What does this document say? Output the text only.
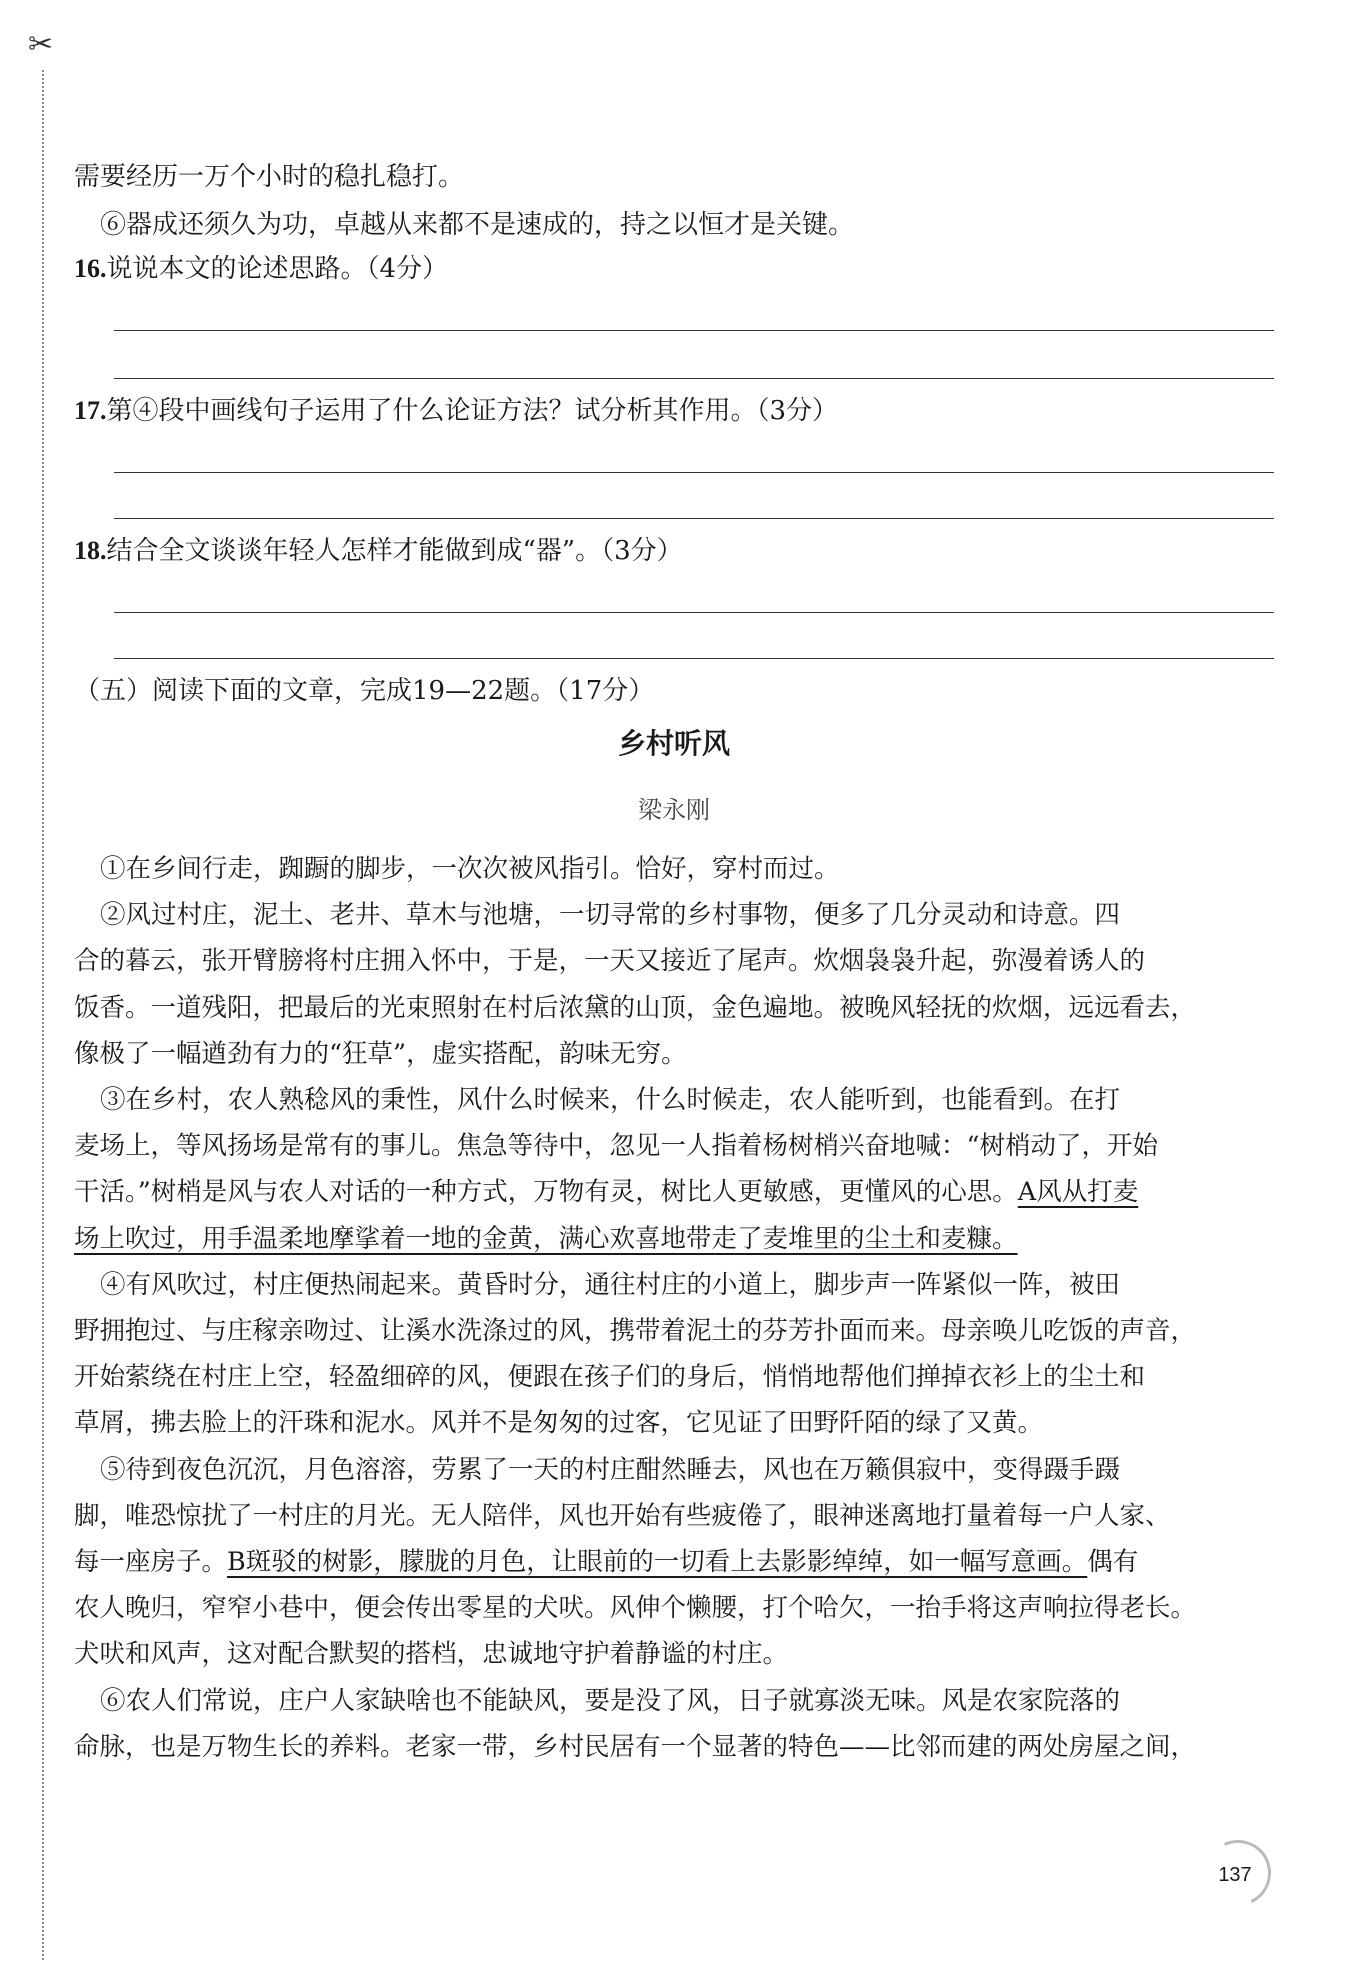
✂
需要经历一万个小时的稳扎稳打。
⑥器成还须久为功，卓越从来都不是速成的，持之以恒才是关键。
16.说说本文的论述思路。（4分）
17.第④段中画线句子运用了什么论证方法？试分析其作用。（3分）
18.结合全文谈谈年轻人怎样才能做到成“器”。（3分）
（五）阅读下面的文章，完成19—22题。（17分）
乡村听风
梁永刚
①在乡间行走，踟蹰的脚步，一次次被风指引。恰好，穿村而过。
②风过村庄，泥土、老井、草木与池塘，一切寻常的乡村事物，便多了几分灵动和诗意。四
合的暮云，张开臂膀将村庄拥入怀中，于是，一天又接近了尾声。炊烟袅袅升起，弥漫着诱人的
饭香。一道残阳，把最后的光束照射在村后浓黛的山顶，金色遍地。被晚风轻抚的炊烟，远远看去，
像极了一幅遒劲有力的“狂草”，虚实搭配，韵味无穷。
③在乡村，农人熟稔风的秉性，风什么时候来，什么时候走，农人能听到，也能看到。在打
麦场上，等风扬场是常有的事儿。焦急等待中，忽见一人指着杨树梢兴奋地喊：“树梢动了，开始
干活。”树梢是风与农人对话的一种方式，万物有灵，树比人更敏感，更懂风的心思。A风从打麦
场上吹过，用手温柔地摩挲着一地的金黄，满心欢喜地带走了麦堆里的尘土和麦糠。
④有风吹过，村庄便热闹起来。黄昏时分，通往村庄的小道上，脚步声一阵紧似一阵，被田
野拥抱过、与庄稼亲吻过、让溪水洗涤过的风，携带着泥土的芬芳扑面而来。母亲唤儿吃饭的声音，
开始萦绕在村庄上空，轻盈细碎的风，便跟在孩子们的身后，悄悄地帮他们掸掉衣衫上的尘土和
草屑，拂去脸上的汗珠和泥水。风并不是匆匆的过客，它见证了田野阡陌的绿了又黄。
⑤待到夜色沉沉，月色溶溶，劳累了一天的村庄酣然睡去，风也在万籁俱寂中，变得蹑手蹑
脚，唯恐惊扰了一村庄的月光。无人陪伴，风也开始有些疲倦了，眼神迷离地打量着每一户人家、
每一座房子。B斑驳的树影，朦胧的月色，让眼前的一切看上去影影绰绰，如一幅写意画。偶有
农人晚归，窄窄小巷中，便会传出零星的犬吠。风伸个懒腰，打个哈欠，一抬手将这声响拉得老长。
犬吠和风声，这对配合默契的搭档，忠诚地守护着静谧的村庄。
⑥农人们常说，庄户人家缺啥也不能缺风，要是没了风，日子就寡淡无味。风是农家院落的
命脉，也是万物生长的养料。老家一带，乡村民居有一个显著的特色——比邻而建的两处房屋之间，
137
